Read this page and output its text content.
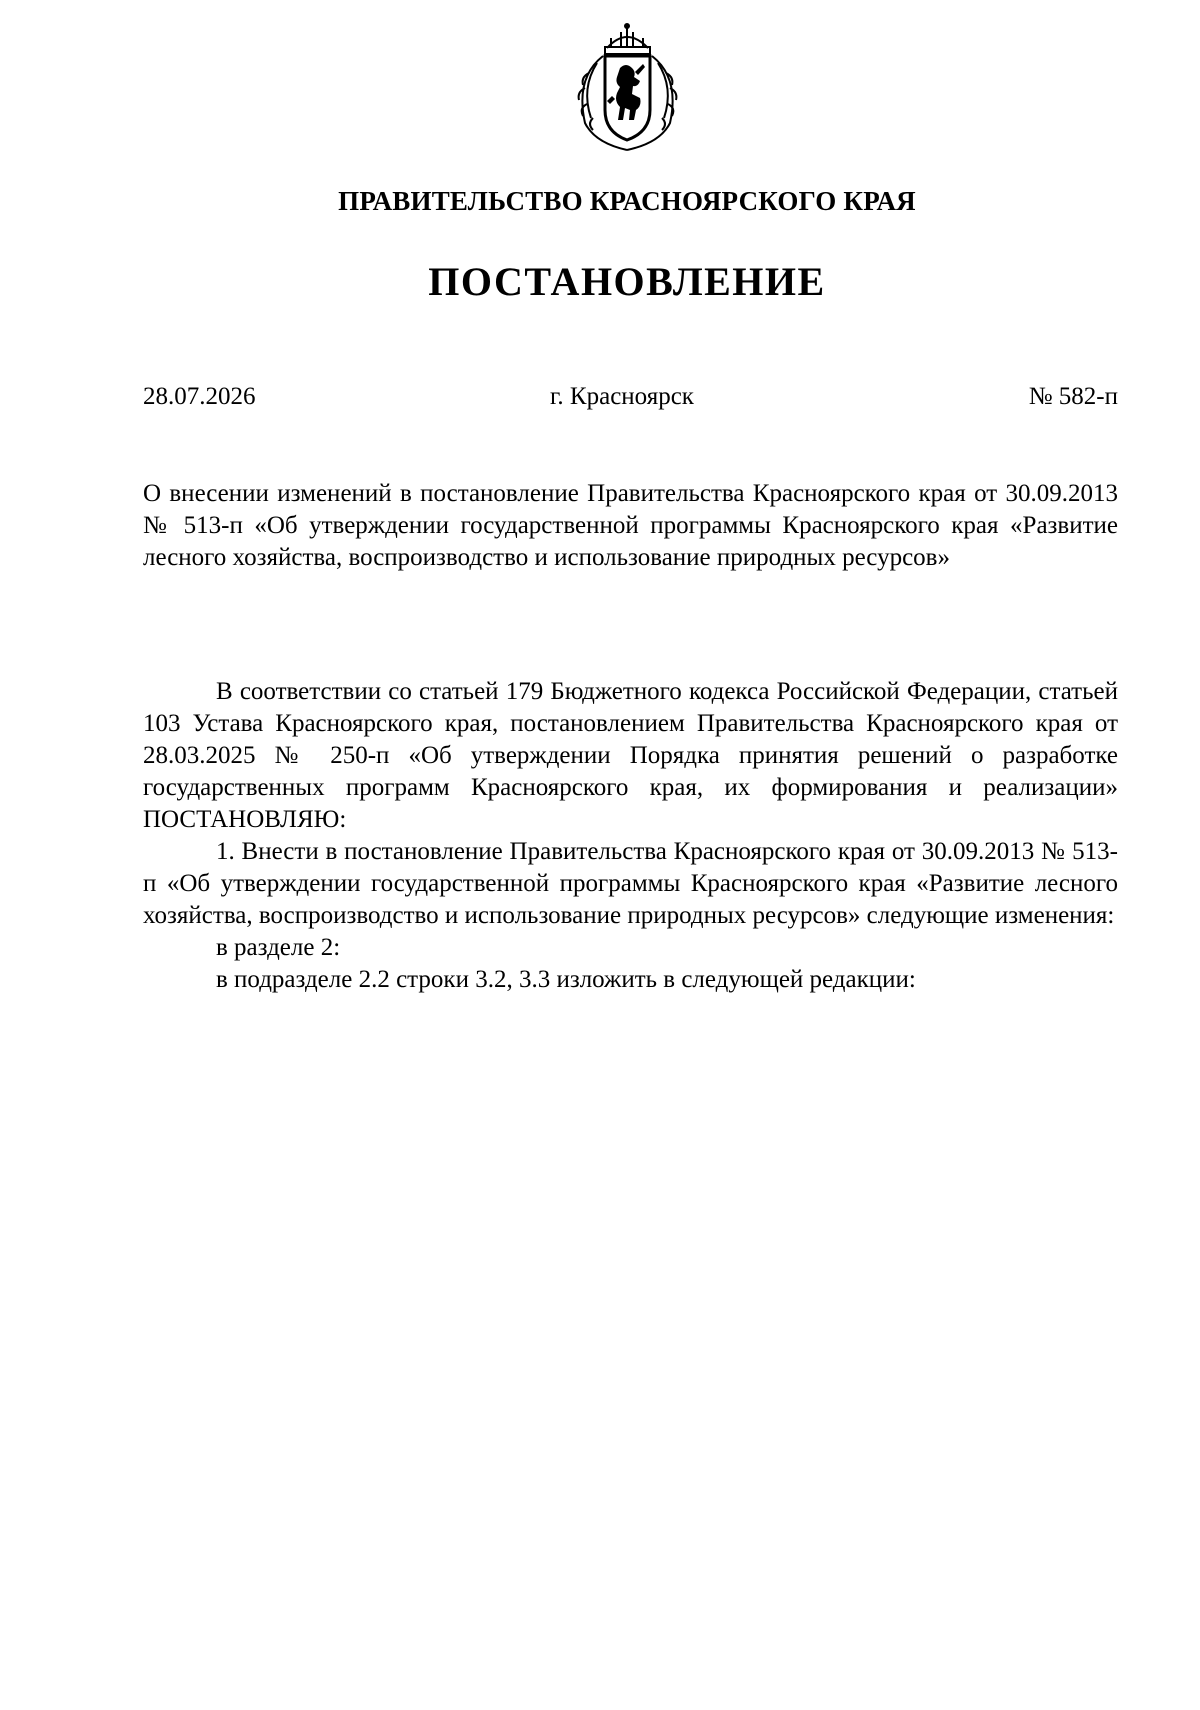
ПРАВИТЕЛЬСТВО КРАСНОЯРСКОГО КРАЯ
ПОСТАНОВЛЕНИЕ
28.07.2026	г. Красноярск	№ 582-п
О внесении изменений в постановление Правительства Красноярского края от 30.09.2013 № 513-п «Об утверждении государственной программы Красноярского края «Развитие лесного хозяйства, воспроизводство и использование природных ресурсов»

В соответствии со статьей 179 Бюджетного кодекса Российской Федерации, статьей 103 Устава Красноярского края, постановлением Правительства Красноярского края от 28.03.2025 № 250-п «Об утверждении Порядка принятия решений о разработке государственных программ Красноярского края, их формирования и реализации» ПОСТАНОВЛЯЮ:

1. Внести в постановление Правительства Красноярского края от 30.09.2013 № 513-п «Об утверждении государственной программы Красноярского края «Развитие лесного хозяйства, воспроизводство и использование природных ресурсов» следующие изменения:

в разделе 2:

в подразделе 2.2 строки 3.2, 3.3 изложить в следующей редакции:
